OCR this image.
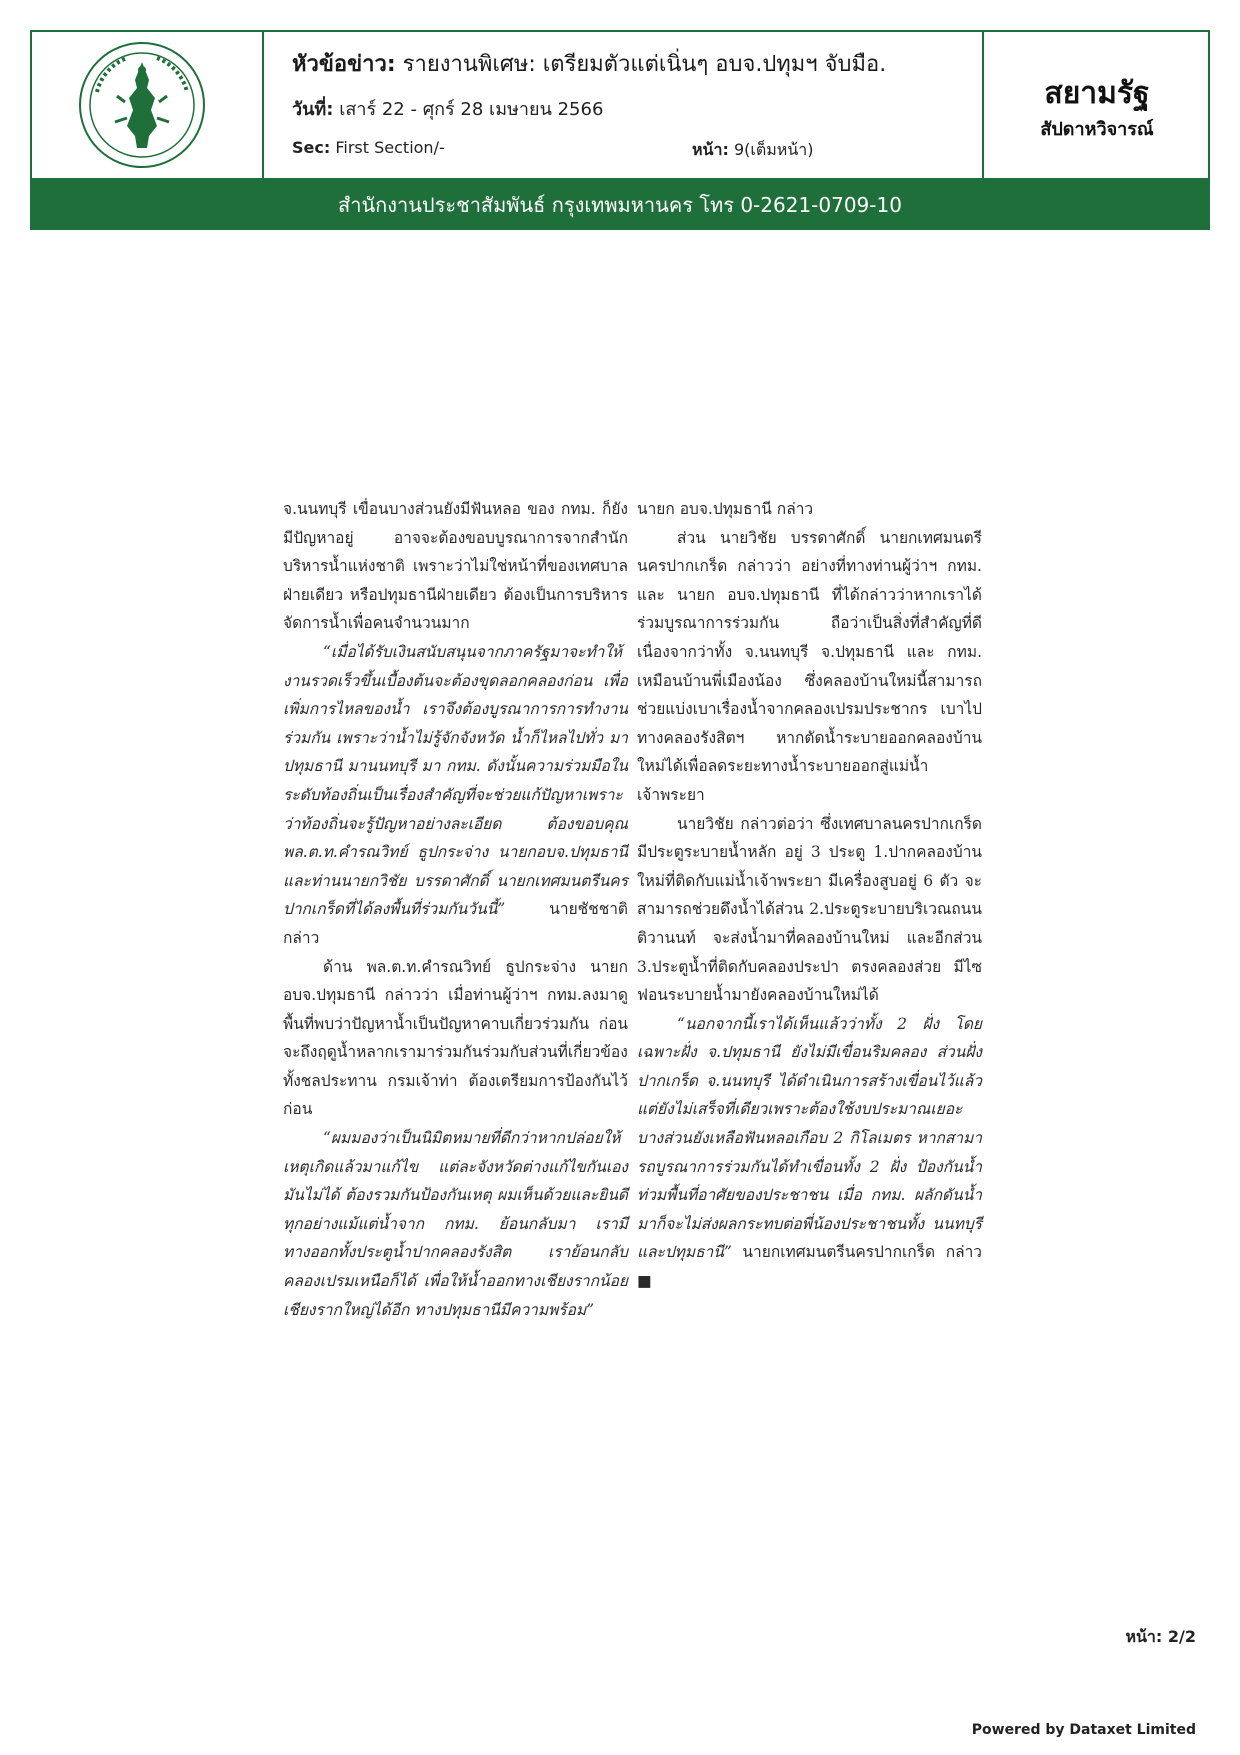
หัวข้อข่าว: รายงานพิเศษ: เตรียมตัวแต่เนิ่นๆ อบจ.ปทุมฯ จับมือ.
วันที่: เสาร์ 22 - ศุกร์ 28 เมษายน 2566
Sec: First Section/-	หน้า: 9(เต็มหน้า)
สยามรัฐ
สัปดาหวิจารณ์
สำนักงานประชาสัมพันธ์ กรุงเทพมหานคร โทร 0-2621-0709-10

จ.นนทบุรี เขื่อนบางส่วนยังมีฟันหลอ ของ กทม. ก็ยังมีปัญหาอยู่ อาจจะต้องขอบบูรณาการจากสำนักบริหารน้ำแห่งชาติ เพราะว่าไม่ใช่หน้าที่ของเทศบาลฝ่ายเดียว หรือปทุมธานีฝ่ายเดียว ต้องเป็นการบริหารจัดการน้ำเพื่อคนจำนวนมาก

“เมื่อได้รับเงินสนับสนุนจากภาครัฐมาจะทำให้งานรวดเร็วขึ้นเบื้องต้นจะต้องขุดลอกคลองก่อน เพื่อเพิ่มการไหลของน้ำ เราจึงต้องบูรณาการการทำงานร่วมกัน เพราะว่าน้ำไม่รู้จักจังหวัด น้ำก็ไหลไปทั่ว มาปทุมธานี มานนทบุรี มา กทม. ดังนั้นความร่วมมือในระดับท้องถิ่นเป็นเรื่องสำคัญที่จะช่วยแก้ปัญหาเพราะว่าท้องถิ่นจะรู้ปัญหาอย่างละเอียด ต้องขอบคุณ พล.ต.ท.คำรณวิทย์ ธูปกระจ่าง นายกอบจ.ปทุมธานีและท่านนายกวิชัย บรรดาศักดิ์ นายกเทศมนตรีนครปากเกร็ดที่ได้ลงพื้นที่ร่วมกันวันนี้” นายชัชชาติ กล่าว

ด้าน พล.ต.ท.คำรณวิทย์ ธูปกระจ่าง นายก อบจ.ปทุมธานี กล่าวว่า เมื่อท่านผู้ว่าฯ กทม.ลงมาดูพื้นที่พบว่าปัญหาน้ำเป็นปัญหาคาบเกี่ยวร่วมกัน ก่อนจะถึงฤดูน้ำหลากเรามาร่วมกันร่วมกับส่วนที่เกี่ยวข้อง ทั้งชลประทาน กรมเจ้าท่า ต้องเตรียมการป้องกันไว้ก่อน

“ผมมองว่าเป็นนิมิตหมายที่ดีกว่าหากปล่อยให้เหตุเกิดแล้วมาแก้ไข แต่ละจังหวัดต่างแก้ไขกันเองมันไม่ได้ ต้องรวมกันป้องกันเหตุ ผมเห็นด้วยและยินดีทุกอย่างแม้แต่น้ำจาก กทม. ย้อนกลับมา เรามีทางออกทั้งประตูน้ำปากคลองรังสิต เราย้อนกลับคลองเปรมเหนือก็ได้ เพื่อให้น้ำออกทางเชียงรากน้อยเชียงรากใหญ่ได้อีก ทางปทุมธานีมีความพร้อม”

นายก อบจ.ปทุมธานี กล่าว

ส่วน นายวิชัย บรรดาศักดิ์ นายกเทศมนตรีนครปากเกร็ด กล่าวว่า อย่างที่ทางท่านผู้ว่าฯ กทม. และ นายก อบจ.ปทุมธานี ที่ได้กล่าวว่าหากเราได้ร่วมบูรณาการร่วมกัน ถือว่าเป็นสิ่งที่สำคัญที่ดี เนื่องจากว่าทั้ง จ.นนทบุรี จ.ปทุมธานี และ กทม. เหมือนบ้านพี่เมืองน้อง ซึ่งคลองบ้านใหม่นี้สามารถช่วยแบ่งเบาเรื่องน้ำจากคลองเปรมประชากร เบาไปทางคลองรังสิตฯ หากตัดน้ำระบายออกคลองบ้านใหม่ได้เพื่อลดระยะทางน้ำระบายออกสู่แม่น้ำเจ้าพระยา

นายวิชัย กล่าวต่อว่า ซึ่งเทศบาลนครปากเกร็ดมีประตูระบายน้ำหลัก อยู่ 3 ประตู 1.ปากคลองบ้านใหม่ที่ติดกับแม่น้ำเจ้าพระยา มีเครื่องสูบอยู่ 6 ตัว จะสามารถช่วยดึงน้ำได้ส่วน 2.ประตูระบายบริเวณถนนติวานนท์ จะส่งน้ำมาที่คลองบ้านใหม่ และอีกส่วน 3.ประตูน้ำที่ติดกับคลองประปา ตรงคลองส่วย มีไซฟอนระบายน้ำมายังคลองบ้านใหม่ได้

“นอกจากนี้เราได้เห็นแล้วว่าทั้ง 2 ฝั่ง โดยเฉพาะฝั่ง จ.ปทุมธานี ยังไม่มีเขื่อนริมคลอง ส่วนฝั่งปากเกร็ด จ.นนทบุรี ได้ดำเนินการสร้างเขื่อนไว้แล้วแต่ยังไม่เสร็จที่เดียวเพราะต้องใช้งบประมาณเยอะ บางส่วนยังเหลือฟันหลอเกือบ 2 กิโลเมตร หากสามารถบูรณาการร่วมกันได้ทำเขื่อนทั้ง 2 ฝั่ง ป้องกันน้ำท่วมพื้นที่อาศัยของประชาชน เมื่อ กทม. ผลักดันน้ำมาก็จะไม่ส่งผลกระทบต่อพี่น้องประชาชนทั้ง นนทบุรี และปทุมธานี” นายกเทศมนตรีนครปากเกร็ด กล่าว ■

หน้า: 2/2
Powered by Dataxet Limited
